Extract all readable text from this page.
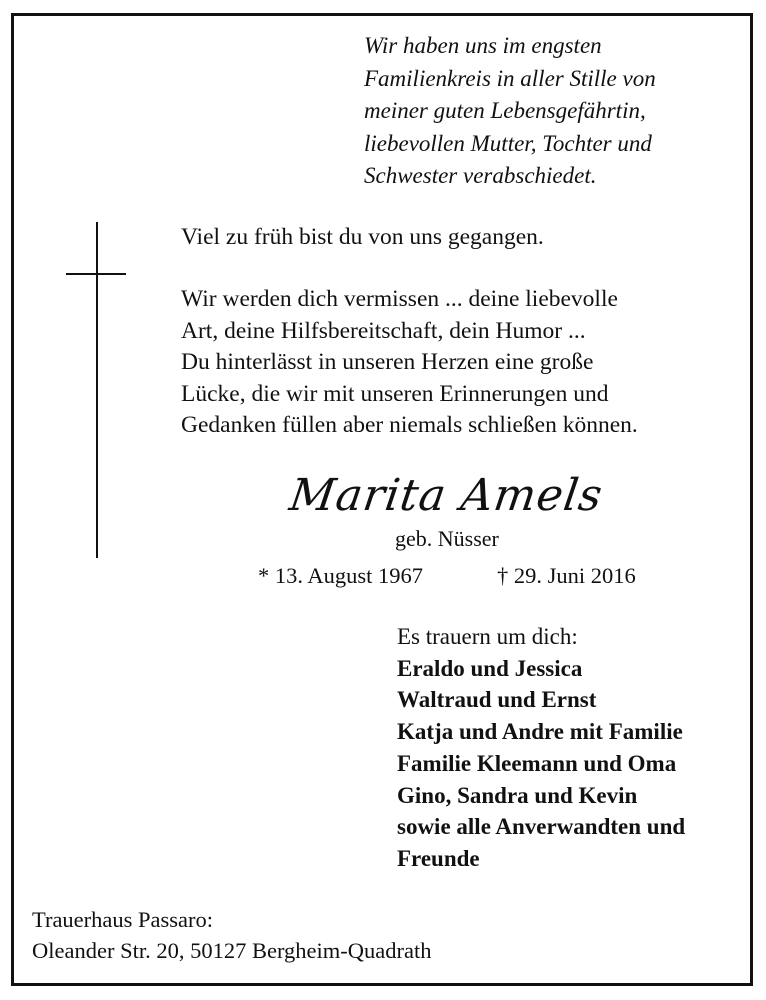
Wir haben uns im engsten
Familienkreis in aller Stille von
meiner guten Lebensgefährtin,
liebevollen Mutter, Tochter und
Schwester verabschiedet.
Viel zu früh bist du von uns gegangen.
Wir werden dich vermissen ... deine liebevolle
Art, deine Hilfsbereitschaft, dein Humor ...
Du hinterlässt in unseren Herzen eine große
Lücke, die wir mit unseren Erinnerungen und
Gedanken füllen aber niemals schließen können.
Marita Amels
geb. Nüsser
* 13. August 1967	† 29. Juni 2016
Es trauern um dich:
Eraldo und Jessica
Waltraud und Ernst
Katja und Andre mit Familie
Familie Kleemann und Oma
Gino, Sandra und Kevin
sowie alle Anverwandten und
Freunde
Trauerhaus Passaro:
Oleander Str. 20, 50127 Bergheim-Quadrath
